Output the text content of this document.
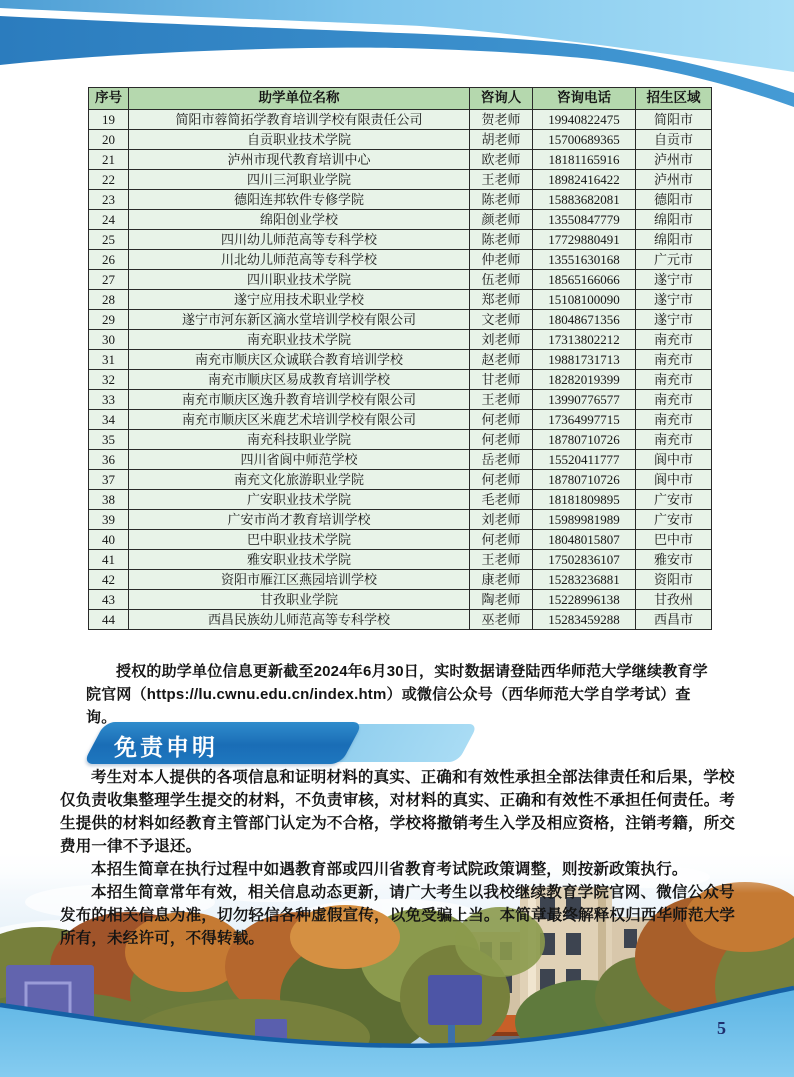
序号	助学单位名称	咨询人	咨询电话	招生区域
19	简阳市蓉简拓学教育培训学校有限责任公司	贺老师	19940822475	简阳市
20	自贡职业技术学院	胡老师	15700689365	自贡市
21	泸州市现代教育培训中心	欧老师	18181165916	泸州市
22	四川三河职业学院	王老师	18982416422	泸州市
23	德阳连邦软件专修学院	陈老师	15883682081	德阳市
24	绵阳创业学校	颜老师	13550847779	绵阳市
25	四川幼儿师范高等专科学校	陈老师	17729880491	绵阳市
26	川北幼儿师范高等专科学校	仲老师	13551630168	广元市
27	四川职业技术学院	伍老师	18565166066	遂宁市
28	遂宁应用技术职业学校	郑老师	15108100090	遂宁市
29	遂宁市河东新区滴水堂培训学校有限公司	文老师	18048671356	遂宁市
30	南充职业技术学院	刘老师	17313802212	南充市
31	南充市顺庆区众诚联合教育培训学校	赵老师	19881731713	南充市
32	南充市顺庆区易成教育培训学校	甘老师	18282019399	南充市
33	南充市顺庆区逸升教育培训学校有限公司	王老师	13990776577	南充市
34	南充市顺庆区米鹿艺术培训学校有限公司	何老师	17364997715	南充市
35	南充科技职业学院	何老师	18780710726	南充市
36	四川省阆中师范学校	岳老师	15520411777	阆中市
37	南充文化旅游职业学院	何老师	18780710726	阆中市
38	广安职业技术学院	毛老师	18181809895	广安市
39	广安市尚才教育培训学校	刘老师	15989981989	广安市
40	巴中职业技术学院	何老师	18048015807	巴中市
41	雅安职业技术学院	王老师	17502836107	雅安市
42	资阳市雁江区燕园培训学校	康老师	15283236881	资阳市
43	甘孜职业学院	陶老师	15228996138	甘孜州
44	西昌民族幼儿师范高等专科学校	巫老师	15283459288	西昌市

授权的助学单位信息更新截至2024年6月30日，实时数据请登陆西华师范大学继续教育学院官网（https://lu.cwnu.edu.cn/index.htm）或微信公众号（西华师范大学自学考试）查询。

免责申明

考生对本人提供的各项信息和证明材料的真实、正确和有效性承担全部法律责任和后果，学校仅负责收集整理学生提交的材料，不负责审核，对材料的真实、正确和有效性不承担任何责任。考生提供的材料如经教育主管部门认定为不合格，学校将撤销考生入学及相应资格，注销考籍，所交费用一律不予退还。

本招生简章在执行过程中如遇教育部或四川省教育考试院政策调整，则按新政策执行。

本招生简章常年有效，相关信息动态更新，请广大考生以我校继续教育学院官网、微信公众号发布的相关信息为准，切勿轻信各种虚假宣传，以免受骗上当。本简章最终解释权归西华师范大学所有，未经许可，不得转载。

5
